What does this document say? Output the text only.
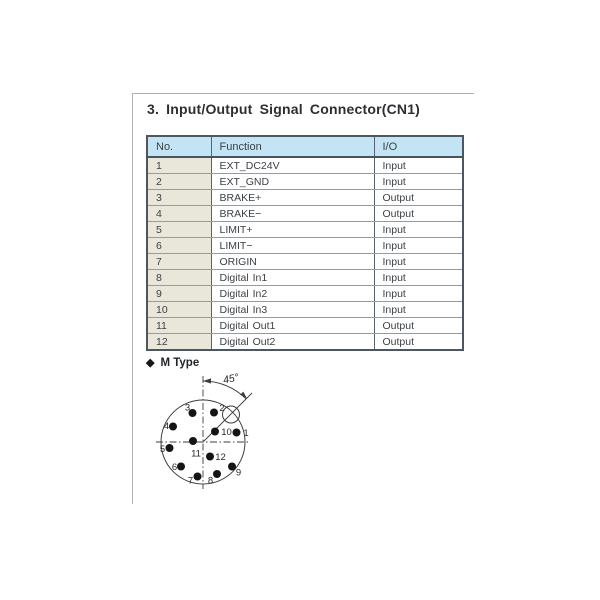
3. Input/Output Signal Connector(CN1)
No.	Function	I/O
1	EXT_DC24V	Input
2	EXT_GND	Input
3	BRAKE+	Output
4	BRAKE−	Output
5	LIMIT+	Input
6	LIMIT−	Input
7	ORIGIN	Input
8	Digital In1	Input
9	Digital In2	Input
10	Digital In3	Input
11	Digital Out1	Output
12	Digital Out2	Output
◆ M Type
45°
1
2
3
4
5
6
7 8
9
10
11 12
